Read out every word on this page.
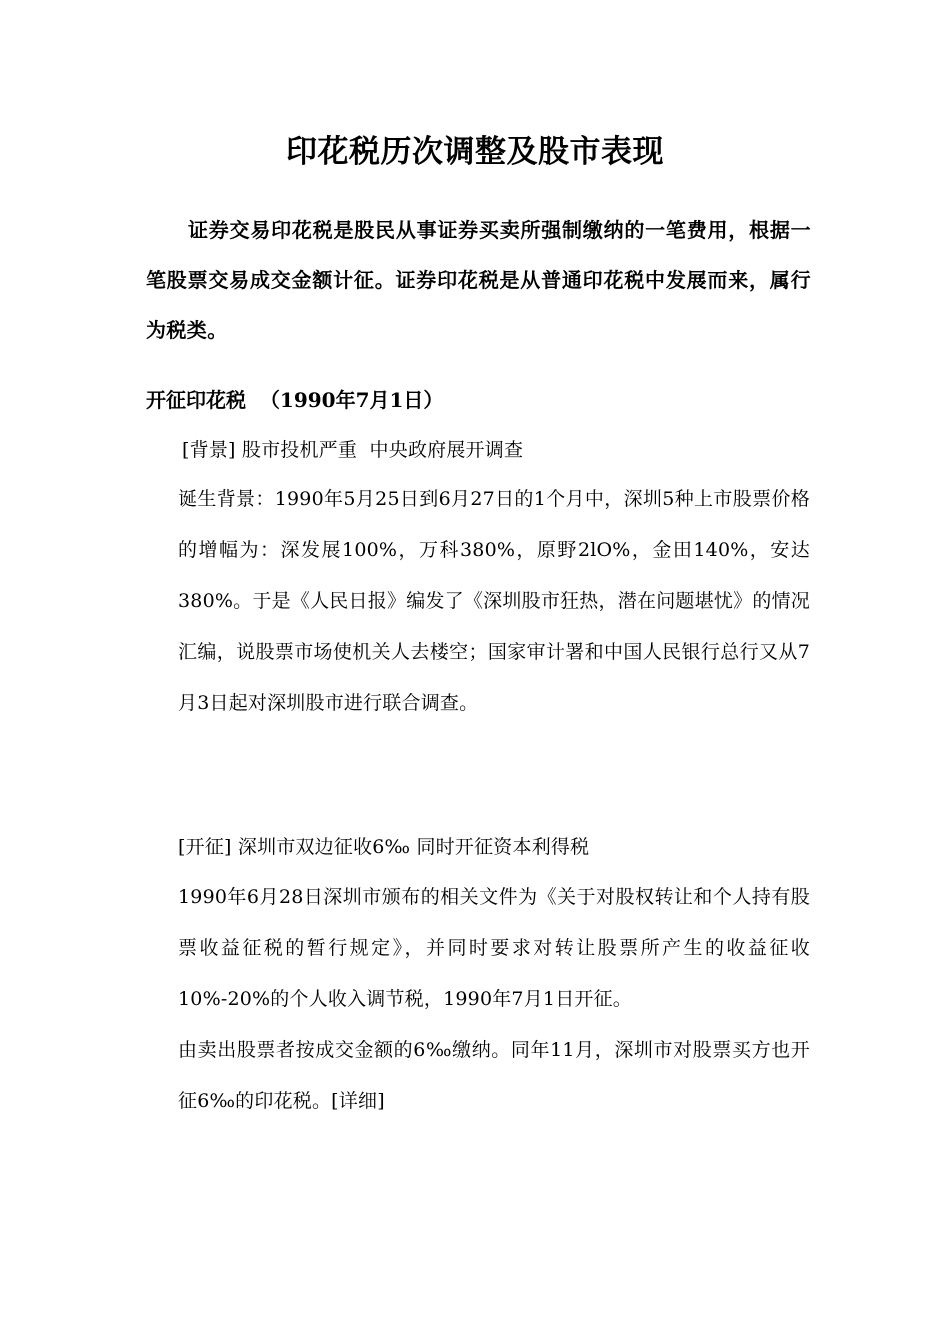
印花税历次调整及股市表现

证券交易印花税是股民从事证券买卖所强制缴纳的一笔费用，根据一笔股票交易成交金额计征。证券印花税是从普通印花税中发展而来，属行为税类。

开征印花税  （1990年7月1日）
[背景] 股市投机严重  中央政府展开调查

诞生背景：1990年5月25日到6月27日的1个月中，深圳5种上市股票价格的增幅为：深发展100%，万科380%，原野2lO%，金田140%，安达380%。于是《人民日报》编发了《深圳股市狂热，潜在问题堪忧》的情况汇编，说股票市场使机关人去楼空；国家审计署和中国人民银行总行又从7月3日起对深圳股市进行联合调查。

[开征] 深圳市双边征收6‰ 同时开征资本利得税

1990年6月28日深圳市颁布的相关文件为《关于对股权转让和个人持有股票收益征税的暂行规定》，并同时要求对转让股票所产生的收益征收10%-20%的个人收入调节税，1990年7月1日开征。

由卖出股票者按成交金额的6‰缴纳。同年11月，深圳市对股票买方也开征6‰的印花税。[详细]
